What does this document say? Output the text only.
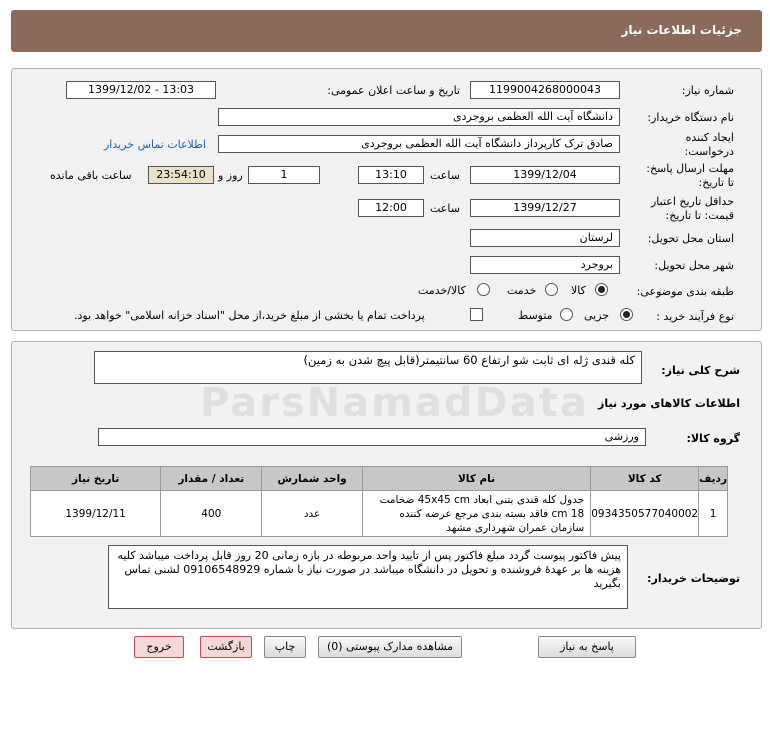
جزئیات اطلاعات نیاز
شماره نیاز:
1199004268000043
تاریخ و ساعت اعلان عمومی:
1399/12/02 - 13:03
نام دستگاه خریدار:
دانشگاه آیت الله العظمی بروجردی
ایجاد کننده
درخواست:
صادق ترک کارپرداز دانشگاه آیت الله العظمی بروجردی
اطلاعات تماس خریدار
مهلت ارسال پاسخ:
تا تاریخ:
1399/12/04
ساعت
13:10
1
روز و
23:54:10
ساعت باقی مانده
حداقل تاریخ اعتبار
قیمت: تا تاریخ:
1399/12/27
ساعت
12:00
استان محل تحویل:
لرستان
شهر محل تحویل:
بروجرد
طبقه بندی موضوعی:
کالا
خدمت
کالا/خدمت
نوع فرآیند خرید :
جزیی
متوسط
پرداخت تمام یا بخشی از مبلغ خرید،از محل "اسناد خزانه اسلامی" خواهد بود.
شرح کلی نیاز:
کله قندی ژله ای ثابت شو ارتفاع 60 سانتیمتر(قابل پیچ شدن به زمین)
اطلاعات کالاهای مورد نیاز
گروه کالا:
ورزشی
ردیف	کد کالا	نام کالا	واحد شمارش	تعداد / مقدار	تاریخ نیاز
1	0934350577040002	جدول کله قندی بتنی ابعاد 45x45 cm ضخامت 18 cm فاقد بسته بندی مرجع عرضه کننده سازمان عمران شهرداری مشهد	عدد	400	1399/12/11
توضیحات خریدار:
پیش فاکتور پیوست گردد مبلغ فاکتور پس از تایید واحد مربوطه در بازه زمانی 20 روز قابل پرداخت میباشد کلیه هزینه ها بر عهدهٔ فروشنده و تحویل در دانشگاه میباشد در صورت نیاز با شماره 09106548929 لشنی تماس بگیرید
پاسخ به نیاز
مشاهده مدارک پیوستی (0)
چاپ
بازگشت
خروج
